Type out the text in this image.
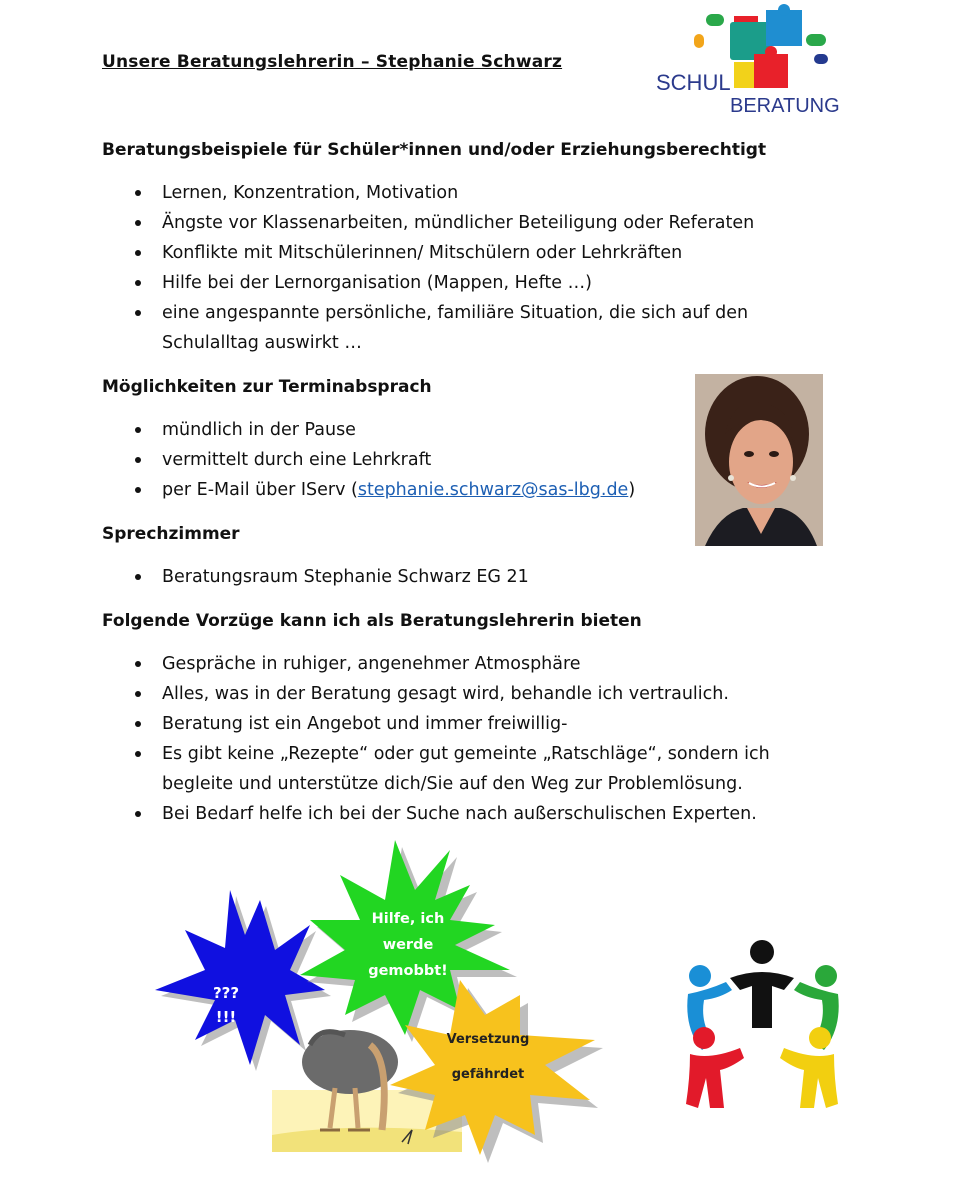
Unsere Beratungslehrerin – Stephanie Schwarz
SCHUL
BERATUNG
Beratungsbeispiele für Schüler*innen und/oder Erziehungsberechtigt
Lernen, Konzentration, Motivation
Ängste vor Klassenarbeiten, mündlicher Beteiligung oder Referaten
Konflikte mit Mitschülerinnen/ Mitschülern oder Lehrkräften
Hilfe bei der Lernorganisation (Mappen, Hefte …)
eine angespannte persönliche, familiäre Situation, die sich auf den
Schulalltag auswirkt …
Möglichkeiten zur Terminabsprach
mündlich in der Pause
vermittelt durch eine Lehrkraft
per E-Mail über IServ (stephanie.schwarz@sas-lbg.de)
Sprechzimmer
Beratungsraum Stephanie Schwarz EG 21
Folgende Vorzüge kann ich als Beratungslehrerin bieten
Gespräche in ruhiger, angenehmer Atmosphäre
Alles, was in der Beratung gesagt wird, behandle ich vertraulich.
Beratung ist ein Angebot und immer freiwillig-
Es gibt keine „Rezepte“ oder gut gemeinte „Ratschläge“, sondern ich
begleite und unterstütze dich/Sie auf den Weg zur Problemlösung.
Bei Bedarf helfe ich bei der Suche nach außerschulischen Experten.
???
!!!
Hilfe, ich
werde
gemobbt!
Versetzung
gefährdet
